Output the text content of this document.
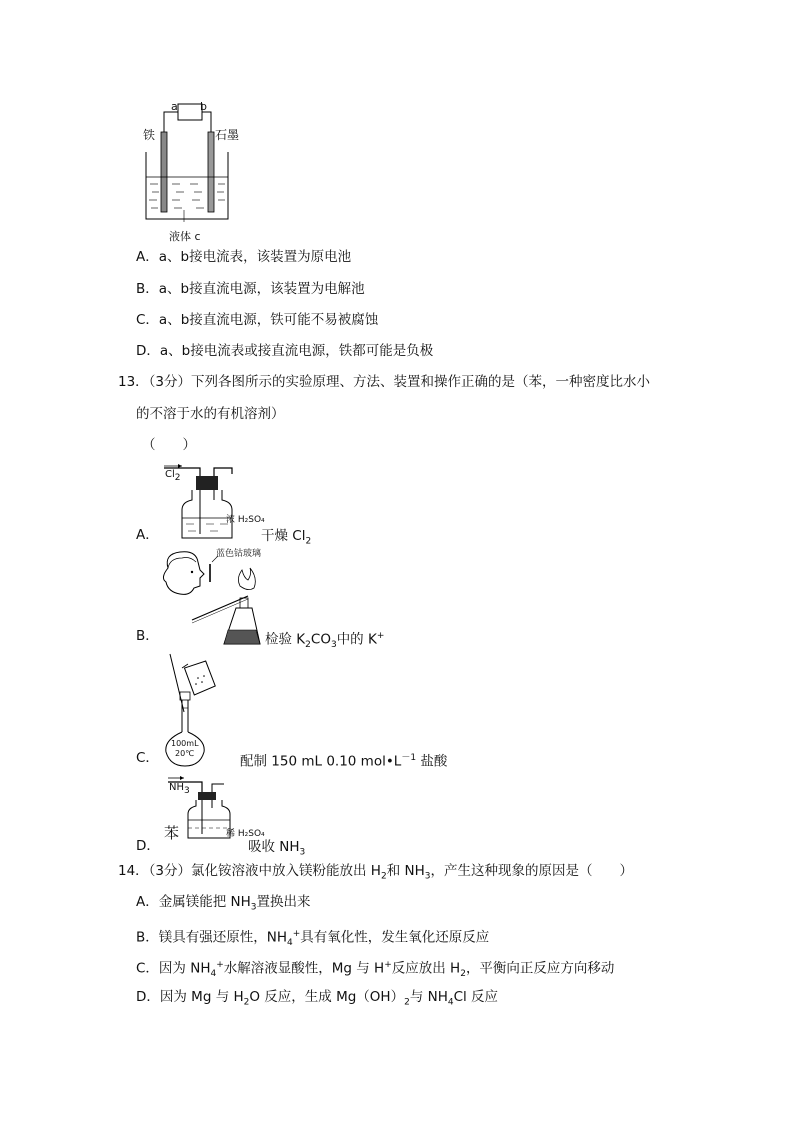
a b
铁	石墨
液体 c
A．a、b接电流表，该装置为原电池
B．a、b接直流电源，该装置为电解池
C．a、b接直流电源，铁可能不易被腐蚀
D．a、b接电流表或接直流电源，铁都可能是负极
13．（3分）下列各图所示的实验原理、方法、装置和操作正确的是（苯，一种密度比水小
的不溶于水的有机溶剂）
（　　）
$Cl_2$
浓 H₂SO₄
A．	干燥 $Cl_2$
蓝色钴玻璃
B．	检验 $K_2CO_3$中的 K+
100mL
20℃
C．	配制 150 mL 0.10 $mol•L^{-1}$ 盐酸
$NH_3$
苯	稀 H₂SO₄
D．	吸收 $NH_3$
14．（3分）氯化铵溶液中放入镁粉能放出 $H_2$和 $NH_3$，产生这种现象的原因是（　　）
A．金属镁能把 $NH_3$置换出来
B．镁具有强还原性，$NH_4^+$具有氧化性，发生氧化还原反应
C．因为 $NH_4^+$水解溶液显酸性，Mg 与 H+反应放出 $H_2$，平衡向正反应方向移动
D．因为 Mg 与 $H_2O$ 反应，生成 $Mg(OH)_2$与 $NH_4Cl$ 反应
